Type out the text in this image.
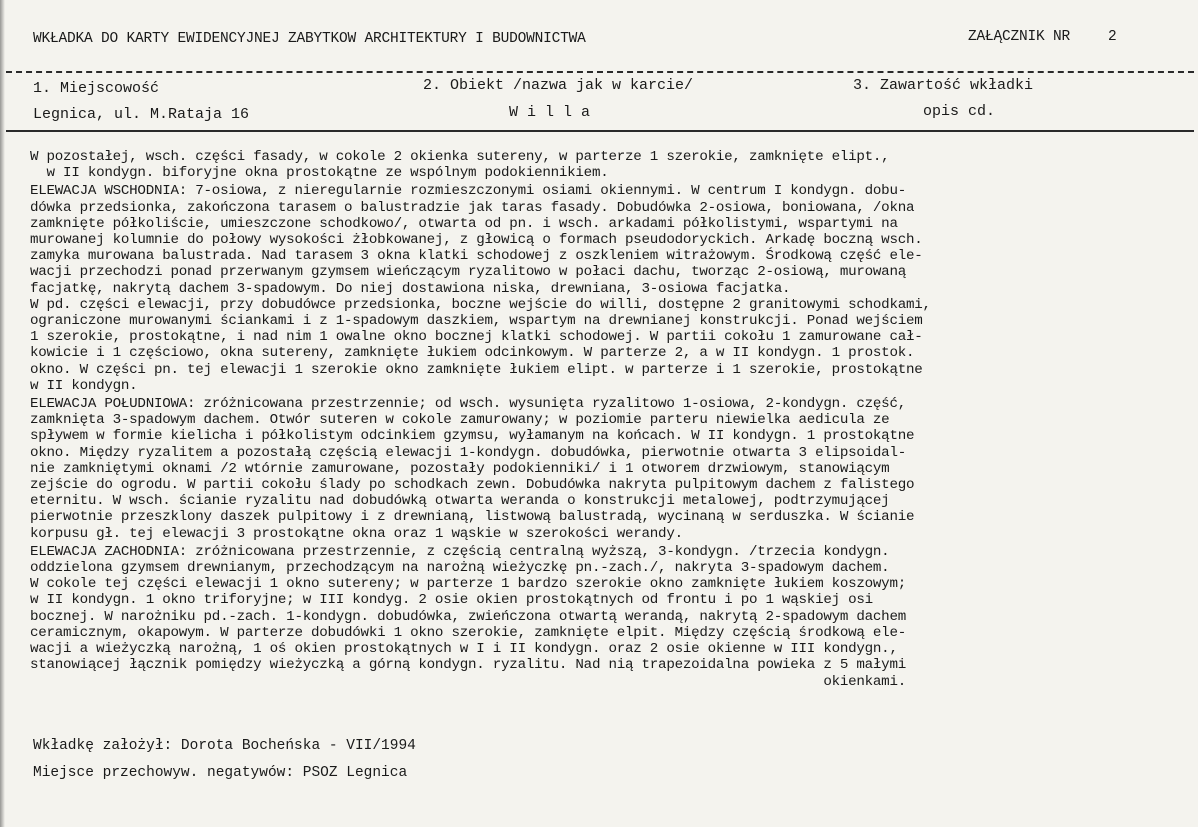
WKŁADKA DO KARTY EWIDENCYJNEJ ZABYTKOW ARCHITEKTURY I BUDOWNICTWA	ZAŁĄCZNIK NR	2
1. Miejscowość
Legnica, ul. M.Rataja 16
2. Obiekt /nazwa jak w karcie/
W i l l a
3. Zawartość wkładki
opis cd.

W pozostałej, wsch. części fasady, w cokole 2 okienka sutereny, w parterze 1 szerokie, zamknięte elipt.,

w II kondygn. biforyjne okna prostokątne ze wspólnym podokiennikiem.

ELEWACJA WSCHODNIA: 7-osiowa, z nieregularnie rozmieszczonymi osiami okiennymi. W centrum I kondygn. dobu-

dówka przedsionka, zakończona tarasem o balustradzie jak taras fasady. Dobudówka 2-osiowa, boniowana, /okna

zamknięte półkoliście, umieszczone schodkowo/, otwarta od pn. i wsch. arkadami półkolistymi, wspartymi na

murowanej kolumnie do połowy wysokości żłobkowanej, z głowicą o formach pseudodoryckich. Arkadę boczną wsch.

zamyka murowana balustrada. Nad tarasem 3 okna klatki schodowej z oszkleniem witrażowym. Środkową część ele-

wacji przechodzi ponad przerwanym gzymsem wieńczącym ryzalitowo w połaci dachu, tworząc 2-osiową, murowaną

facjatkę, nakrytą dachem 3-spadowym. Do niej dostawiona niska, drewniana, 3-osiowa facjatka.

W pd. części elewacji, przy dobudówce przedsionka, boczne wejście do willi, dostępne 2 granitowymi schodkami,

ograniczone murowanymi ściankami i z 1-spadowym daszkiem, wspartym na drewnianej konstrukcji. Ponad wejściem

1 szerokie, prostokątne, i nad nim 1 owalne okno bocznej klatki schodowej. W partii cokołu 1 zamurowane cał-

kowicie i 1 częściowo, okna sutereny, zamknięte łukiem odcinkowym. W parterze 2, a w II kondygn. 1 prostok.

okno. W części pn. tej elewacji 1 szerokie okno zamknięte łukiem elipt. w parterze i 1 szerokie, prostokątne

w II kondygn.

ELEWACJA POŁUDNIOWA: zróżnicowana przestrzennie; od wsch. wysunięta ryzalitowo 1-osiowa, 2-kondygn. część,

zamknięta 3-spadowym dachem. Otwór suteren w cokole zamurowany; w poziomie parteru niewielka aedicula ze

spływem w formie kielicha i półkolistym odcinkiem gzymsu, wyłamanym na końcach. W II kondygn. 1 prostokątne

okno. Między ryzalitem a pozostałą częścią elewacji 1-kondygn. dobudówka, pierwotnie otwarta 3 elipsoidal-

nie zamkniętymi oknami /2 wtórnie zamurowane, pozostały podokienniki/ i 1 otworem drzwiowym, stanowiącym

zejście do ogrodu. W partii cokołu ślady po schodkach zewn. Dobudówka nakryta pulpitowym dachem z falistego

eternitu. W wsch. ścianie ryzalitu nad dobudówką otwarta weranda o konstrukcji metalowej, podtrzymującej

pierwotnie przeszklony daszek pulpitowy i z drewnianą, listwową balustradą, wycinaną w serduszka. W ścianie

korpusu gł. tej elewacji 3 prostokątne okna oraz 1 wąskie w szerokości werandy.

ELEWACJA ZACHODNIA: zróżnicowana przestrzennie, z częścią centralną wyższą, 3-kondygn. /trzecia kondygn.

oddzielona gzymsem drewnianym, przechodzącym na narożną wieżyczkę pn.-zach./, nakryta 3-spadowym dachem.

W cokole tej części elewacji 1 okno sutereny; w parterze 1 bardzo szerokie okno zamknięte łukiem koszowym;

w II kondygn. 1 okno triforyjne; w III kondyg. 2 osie okien prostokątnych od frontu i po 1 wąskiej osi

bocznej. W narożniku pd.-zach. 1-kondygn. dobudówka, zwieńczona otwartą werandą, nakrytą 2-spadowym dachem

ceramicznym, okapowym. W parterze dobudówki 1 okno szerokie, zamknięte elpit. Między częścią środkową ele-

wacji a wieżyczką narożną, 1 oś okien prostokątnych w I i II kondygn. oraz 2 osie okienne w III kondygn.,

stanowiącej łącznik pomiędzy wieżyczką a górną kondygn. ryzalitu. Nad nią trapezoidalna powieka z 5 małymi

okienkami.

Wkładkę założył: Dorota Bocheńska - VII/1994
Miejsce przechowyw. negatywów: PSOZ Legnica
